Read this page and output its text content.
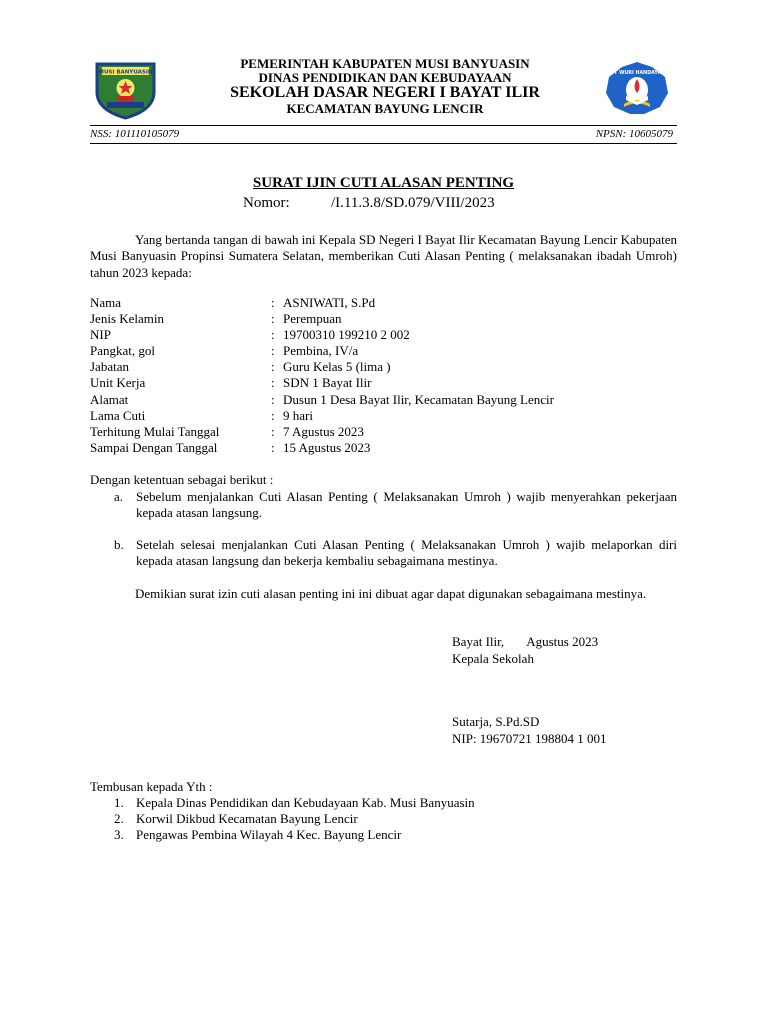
MUSI BANYUASIN	TUT WURI HANDAYANI
PEMERINTAH KABUPATEN MUSI BANYUASIN
DINAS PENDIDIKAN DAN KEBUDAYAAN
SEKOLAH DASAR NEGERI I BAYAT ILIR
KECAMATAN BAYUNG LENCIR
NSS: 101110105079	NPSN: 10605079
SURAT IJIN CUTI ALASAN PENTING
Nomor:	/I.11.3.8/SD.079/VIII/2023
Yang bertanda tangan di bawah ini Kepala SD Negeri I Bayat Ilir Kecamatan Bayung Lencir Kabupaten Musi Banyuasin Propinsi Sumatera Selatan, memberikan Cuti Alasan Penting ( melaksanakan ibadah Umroh) tahun 2023 kepada:
Nama	: ASNIWATI, S.Pd
Jenis Kelamin	: Perempuan
NIP	: 19700310 199210 2 002
Pangkat, gol	: Pembina, IV/a
Jabatan	: Guru Kelas 5 (lima )
Unit Kerja	: SDN 1 Bayat Ilir
Alamat	: Dusun 1 Desa Bayat Ilir, Kecamatan Bayung Lencir
Lama Cuti	: 9 hari
Terhitung Mulai Tanggal	: 7 Agustus 2023
Sampai Dengan Tanggal	: 15 Agustus 2023
Dengan ketentuan sebagai berikut :
a. Sebelum menjalankan Cuti Alasan Penting ( Melaksanakan Umroh ) wajib menyerahkan pekerjaan kepada atasan langsung.
b. Setelah selesai menjalankan Cuti Alasan Penting ( Melaksanakan Umroh ) wajib melaporkan diri kepada atasan langsung dan bekerja kembaliu sebagaimana mestinya.
Demikian surat izin cuti alasan penting ini ini dibuat agar dapat digunakan sebagaimana mestinya.
Bayat Ilir,       Agustus 2023
Kepala Sekolah
Sutarja, S.Pd.SD
NIP: 19670721 198804 1 001
Tembusan kepada Yth :
1. Kepala Dinas Pendidikan dan Kebudayaan Kab. Musi Banyuasin
2. Korwil Dikbud Kecamatan Bayung Lencir
3. Pengawas Pembina Wilayah 4 Kec. Bayung Lencir
